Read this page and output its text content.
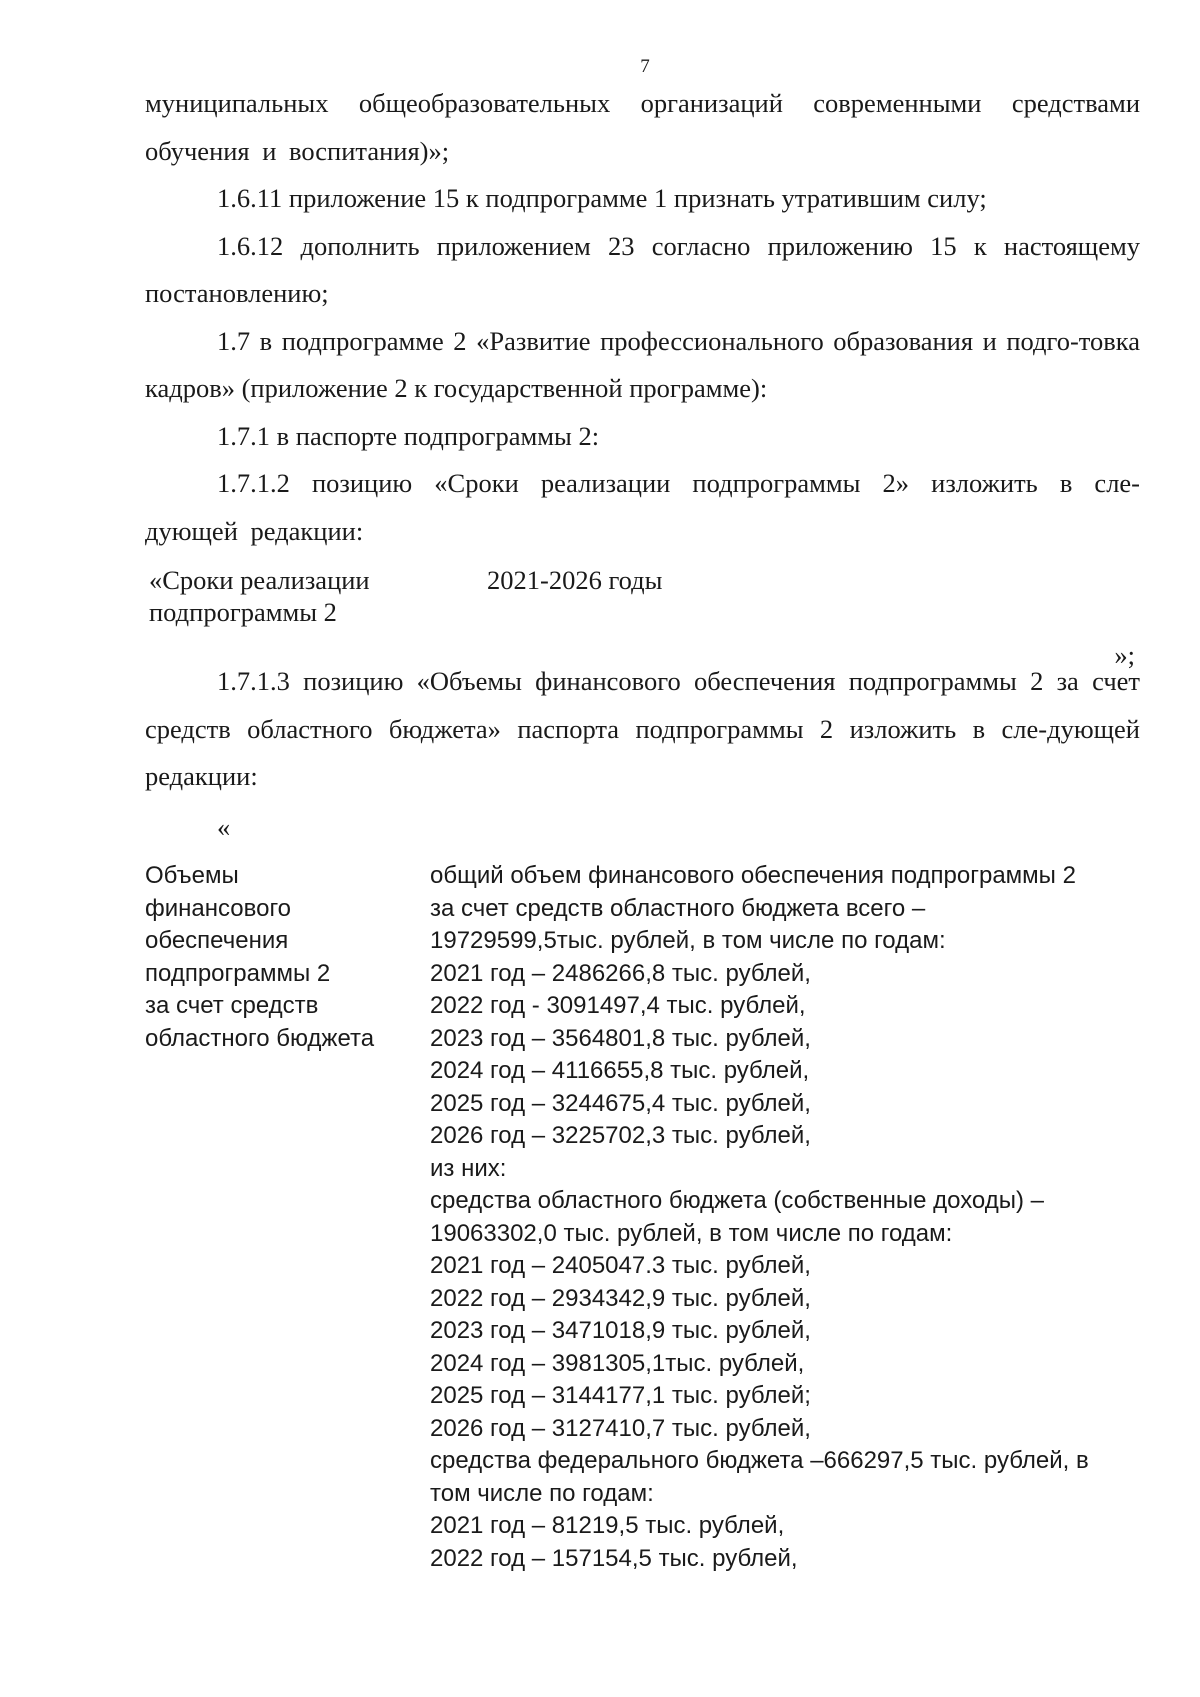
7

муниципальных общеобразовательных организаций современными средствами обучения и воспитания)»;

1.6.11 приложение 15 к подпрограмме 1 признать утратившим силу;

1.6.12 дополнить приложением 23 согласно приложению 15 к настоящему постановлению;

1.7 в подпрограмме 2 «Развитие профессионального образования и подго-товка кадров» (приложение 2 к государственной программе):

1.7.1 в паспорте подпрограммы 2:

1.7.1.2 позицию «Сроки реализации подпрограммы 2» изложить в сле-дующей редакции:

«Сроки реализации
подпрограммы 2
2021-2026 годы
»;

1.7.1.3 позицию «Объемы финансового обеспечения подпрограммы 2 за счет средств областного бюджета» паспорта подпрограммы 2 изложить в сле-дующей редакции:

«
Объемы
финансового
обеспечения
подпрограммы 2
за счет средств
областного бюджета
общий объем финансового обеспечения подпрограммы 2
за счет средств областного бюджета всего –
19729599,5тыс. рублей, в том числе по годам:
2021 год – 2486266,8 тыс. рублей,
2022 год - 3091497,4 тыс. рублей,
2023 год – 3564801,8 тыс. рублей,
2024 год – 4116655,8 тыс. рублей,
2025 год – 3244675,4 тыс. рублей,
2026 год – 3225702,3 тыс. рублей,
из них:
средства областного бюджета (собственные доходы) –
19063302,0 тыс. рублей, в том числе по годам:
2021 год – 2405047.3 тыс. рублей,
2022 год – 2934342,9 тыс. рублей,
2023 год – 3471018,9 тыс. рублей,
2024 год – 3981305,1тыс. рублей,
2025 год – 3144177,1 тыс. рублей;
2026 год – 3127410,7 тыс. рублей,
средства федерального бюджета –666297,5 тыс. рублей, в
том числе по годам:
2021 год – 81219,5 тыс. рублей,
2022 год – 157154,5 тыс. рублей,
